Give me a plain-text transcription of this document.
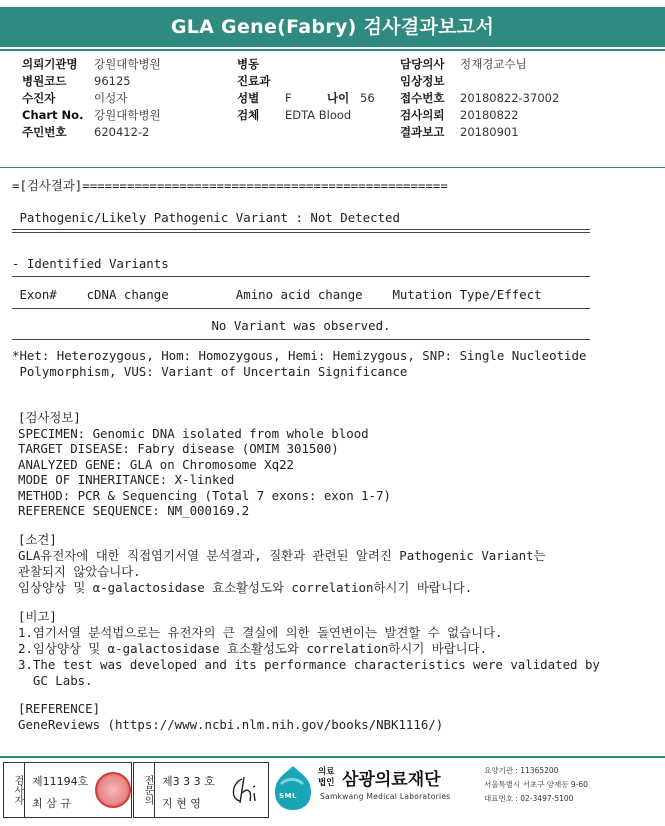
GLA Gene(Fabry) 검사결과보고서
의뢰기관명 강원대학병원
병원코드 96125
수진자	이성자
Chart No. 강원대학병원
주민번호 620412-2
병동
진료과
성별 F	나이 56
검체 EDTA Blood
담당의사 정재경교수님
임상정보
접수번호 20180822-37002
검사의뢰 20180822
결과보고 20180901
=[검사결과]=================================================
Pathogenic/Likely Pathogenic Variant : Not Detected
- Identified Variants
Exon#    cDNA change         Amino acid change    Mutation Type/Effect
No Variant was observed.
*Het: Heterozygous, Hom: Homozygous, Hemi: Hemizygous, SNP: Single Nucleotide
Polymorphism, VUS: Variant of Uncertain Significance
[검사정보]
SPECIMEN: Genomic DNA isolated from whole blood
TARGET DISEASE: Fabry disease (OMIM 301500)
ANALYZED GENE: GLA on Chromosome Xq22
MODE OF INHERITANCE: X-linked
METHOD: PCR & Sequencing (Total 7 exons: exon 1-7)
REFERENCE SEQUENCE: NM_000169.2
[소견]
GLA유전자에 대한 직접염기서열 분석결과, 질환과 관련된 알려진 Pathogenic Variant는
관찰되지 않았습니다.
임상양상 및 α-galactosidase 효소활성도와 correlation하시기 바랍니다.
[비고]
1.염기서열 분석법으로는 유전자의 큰 결실에 의한 돌연변이는 발견할 수 없습니다.
2.임상양상 및 α-galactosidase 효소활성도와 correlation하시기 바랍니다.
3.The test was developed and its performance characteristics were validated by
GC Labs.
[REFERENCE]
GeneReviews (https://www.ncbi.nlm.nih.gov/books/NBK1116/)
검사자 제11194호
최 삼 규	전문의 제3 3 3 호
지 현 영
SML
의료
법인 삼광의료재단
Samkwang Medical Laboratories
요양기관 : 11365200
서울특별시 서초구 양재동 9-60
대표번호 : 02-3497-5100
